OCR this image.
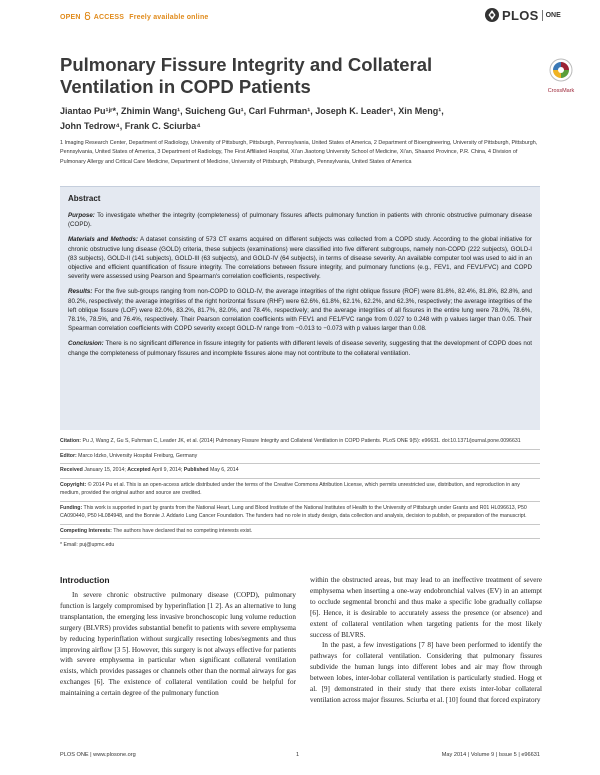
OPEN ACCESS Freely available online	PLOS ONE
Pulmonary Fissure Integrity and Collateral Ventilation in COPD Patients	CrossMark
Jiantao Pu¹ʲʳ*, Zhimin Wang¹, Suicheng Gu¹, Carl Fuhrman¹, Joseph K. Leader¹, Xin Meng¹,
John Tedrow⁴, Frank C. Sciurba⁴
1 Imaging Research Center, Department of Radiology, University of Pittsburgh, Pittsburgh, Pennsylvania, United States of America, 2 Department of Bioengineering, University of Pittsburgh, Pittsburgh, Pennsylvania, United States of America, 3 Department of Radiology, The First Affiliated Hospital, Xi'an Jiaotong University School of Medicine, Xi'an, Shaanxi Province, P.R. China, 4 Division of Pulmonary Allergy and Critical Care Medicine, Department of Medicine, University of Pittsburgh, Pittsburgh, Pennsylvania, United States of America
Abstract

Purpose: To investigate whether the integrity (completeness) of pulmonary fissures affects pulmonary function in patients with chronic obstructive pulmonary disease (COPD).

Materials and Methods: A dataset consisting of 573 CT exams acquired on different subjects was collected from a COPD study. According to the global initiative for chronic obstructive lung disease (GOLD) criteria, these subjects (examinations) were classified into five different subgroups, namely non-COPD (222 subjects), GOLD-I (83 subjects), GOLD-II (141 subjects), GOLD-III (63 subjects), and GOLD-IV (64 subjects), in terms of disease severity. An available computer tool was used to aid in an objective and efficient quantification of fissure integrity. The correlations between fissure integrity, and pulmonary functions (e.g., FEV1, and FEV1/FVC) and COPD severity were assessed using Pearson and Spearman's correlation coefficients, respectively.

Results: For the five sub-groups ranging from non-COPD to GOLD-IV, the average integrities of the right oblique fissure (ROF) were 81.8%, 82.4%, 81.8%, 82.8%, and 80.2%, respectively; the average integrities of the right horizontal fissure (RHF) were 62.6%, 61.8%, 62.1%, 62.2%, and 62.3%, respectively; the average integrities of the left oblique fissure (LOF) were 82.0%, 83.2%, 81.7%, 82.0%, and 78.4%, respectively; and the average integrities of all fissures in the entire lung were 78.0%, 78.6%, 78.1%, 78.5%, and 76.4%, respectively. Their Pearson correlation coefficients with FEV1 and FE1/FVC range from 0.027 to 0.248 with p values larger than 0.05. Their Spearman correlation coefficients with COPD severity except GOLD-IV range from −0.013 to −0.073 with p values larger than 0.08.

Conclusion: There is no significant difference in fissure integrity for patients with different levels of disease severity, suggesting that the development of COPD does not change the completeness of pulmonary fissures and incomplete fissures alone may not contribute to the collateral ventilation.

Citation: Pu J, Wang Z, Gu S, Fuhrman C, Leader JK, et al. (2014) Pulmonary Fissure Integrity and Collateral Ventilation in COPD Patients. PLoS ONE 9(5): e96631. doi:10.1371/journal.pone.0096631

Editor: Marco Idzko, University Hospital Freiburg, Germany

Received January 15, 2014; Accepted April 9, 2014; Published May 6, 2014

Copyright: © 2014 Pu et al. This is an open-access article distributed under the terms of the Creative Commons Attribution License, which permits unrestricted use, distribution, and reproduction in any medium, provided the original author and source are credited.

Funding: This work is supported in part by grants from the National Heart, Lung and Blood Institute of the National Institutes of Health to the University of Pittsburgh under Grants and R01 HL096613, P50 CA090440, P50 HL084948, and the Bonnie J. Addario Lung Cancer Foundation. The funders had no role in study design, data collection and analysis, decision to publish, or preparation of the manuscript.

Competing Interests: The authors have declared that no competing interests exist.

* Email: puj@upmc.edu

Introduction

In severe chronic obstructive pulmonary disease (COPD), pulmonary function is largely compromised by hyperinflation [1 2]. As an alternative to lung transplantation, the emerging less invasive bronchoscopic lung volume reduction surgery (BLVRS) provides substantial benefit to patients with severe emphysema by reducing hyperinflation without surgically resecting lobes/segments and thus improving airflow [3 5]. However, this surgery is not always effective for patients with severe emphysema in particular when significant collateral ventilation exists, which provides passages or channels other than the normal airways for gas exchanges [6]. The existence of collateral ventilation could be helpful for maintaining a certain degree of the pulmonary function

within the obstructed areas, but may lead to an ineffective treatment of severe emphysema when inserting a one-way endobronchial valves (EV) in an attempt to occlude segmental bronchi and thus make a specific lobe gradually collapse [6]. Hence, it is desirable to accurately assess the presence (or absence) and extent of collateral ventilation when targeting patients for the most likely success of BLVRS.

In the past, a few investigations [7 8] have been performed to identify the pathways for collateral ventilation. Considering that pulmonary fissures subdivide the human lungs into different lobes and air may flow through between lobes, inter-lobar collateral ventilation is particularly studied. Hogg et al. [9] demonstrated in their study that there exists inter-lobar collateral ventilation across major fissures. Sciurba et al. [10] found that forced expiratory

PLOS ONE | www.plosone.org	1	May 2014 | Volume 9 | Issue 5 | e96631
